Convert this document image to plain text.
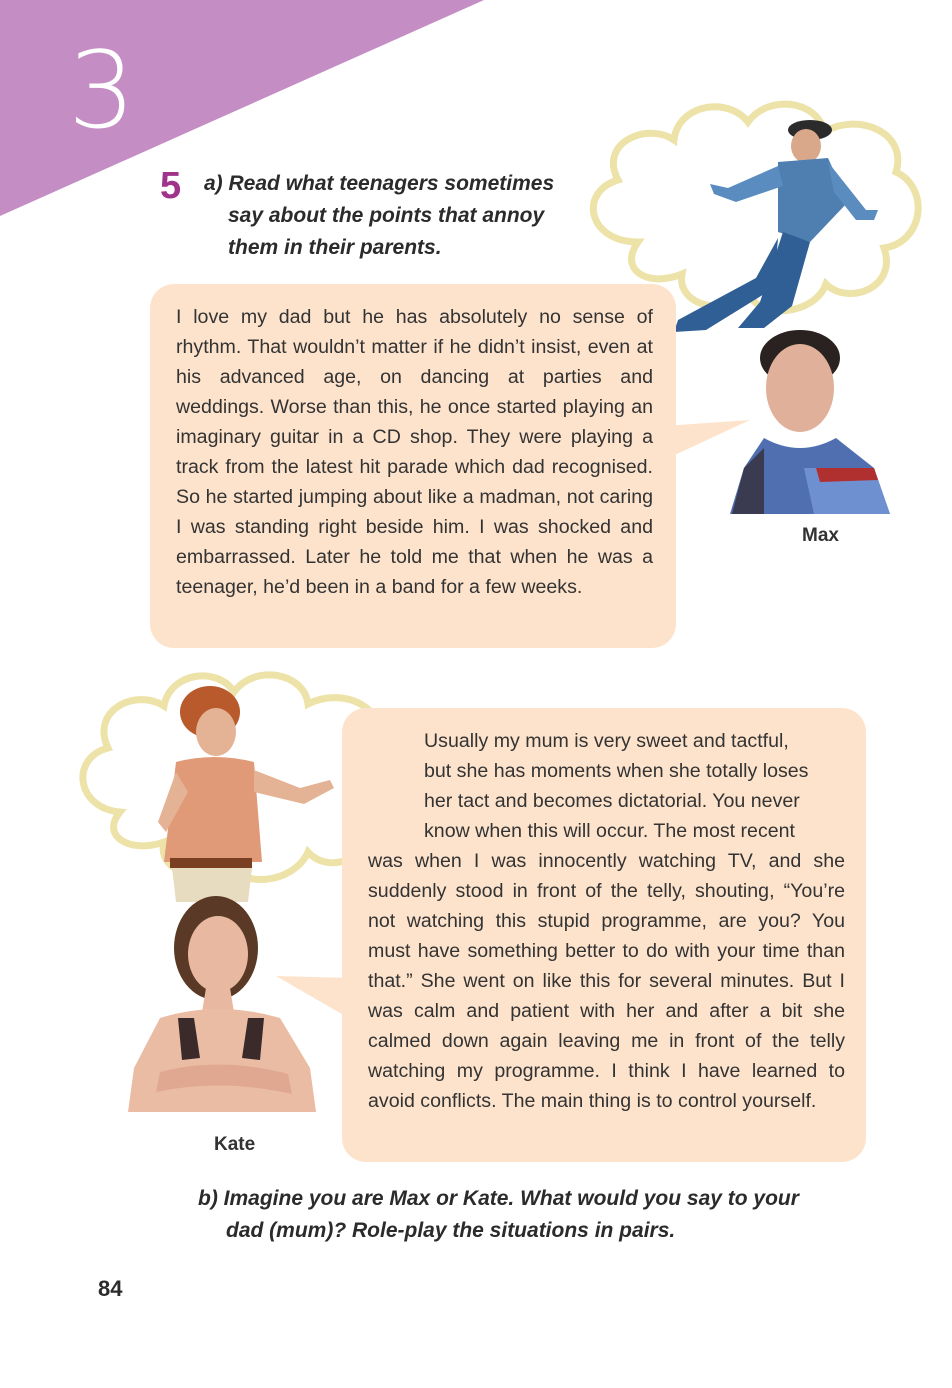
3
5 a) Read what teenagers sometimes
say about the points that annoy
them in their parents.
Max
I love my dad but he has absolutely no sense of rhythm. That wouldn’t matter if he didn’t insist, even at his advanced age, on dancing at parties and weddings. Worse than this, he once started playing an imaginary guitar in a CD shop. They were playing a track from the latest hit parade which dad recognised. So he started jumping about like a madman, not caring I was standing right beside him. I was shocked and embarrassed. Later he told me that when he was a teenager, he’d been in a band for a few weeks.
Kate
Usually my mum is very sweet and tactful,
but she has moments when she totally loses
her tact and becomes dictatorial. You never
know when this will occur. The most recent
was when I was innocently watching TV, and she suddenly stood in front of the telly, shouting, “You’re not watching this stupid programme, are you? You must have something better to do with your time than that.” She went on like this for several minutes. But I was calm and patient with her and after a bit she calmed down again leaving me in front of the telly watching my programme. I think I have learned to avoid conflicts. The main thing is to control yourself.
b) Imagine you are Max or Kate. What would you say to your
dad (mum)? Role-play the situations in pairs.
84
